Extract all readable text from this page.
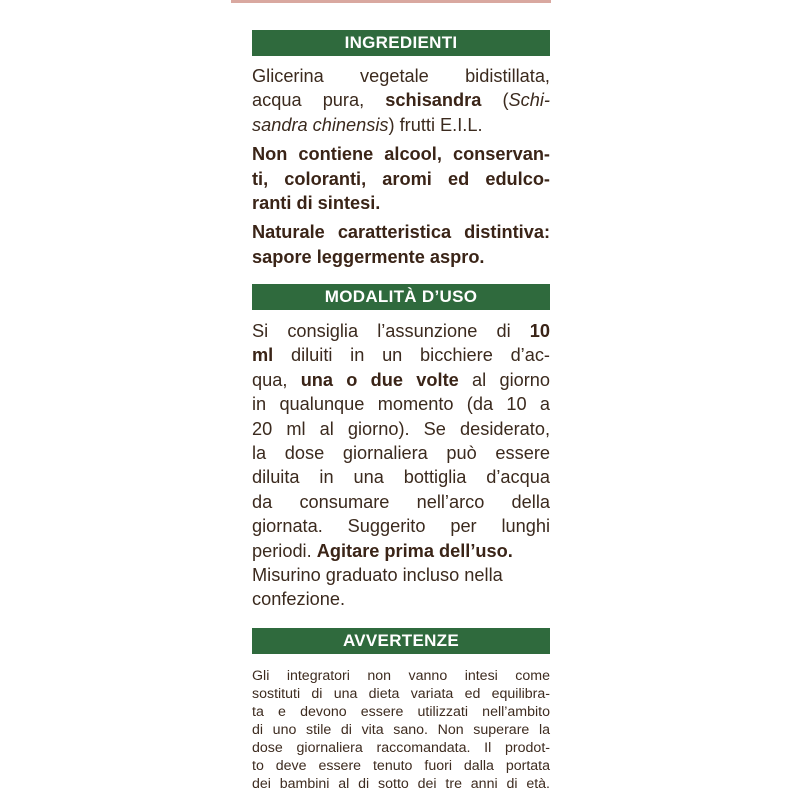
INGREDIENTI

Glicerina vegetale bidistillata,
acqua pura, schisandra (Schi-
sandra chinensis) frutti E.I.L.

Non contiene alcool, conservan-
ti, coloranti, aromi ed edulco-
ranti di sintesi.

Naturale caratteristica distintiva:
sapore leggermente aspro.

MODALITÀ D’USO

Si consiglia l’assunzione di 10
ml diluiti in un bicchiere d’ac-
qua, una o due volte al giorno
in qualunque momento (da 10 a
20 ml al giorno). Se desiderato,
la dose giornaliera può essere
diluita in una bottiglia d’acqua
da consumare nell’arco della
giornata. Suggerito per lunghi
periodi. Agitare prima dell’uso.
Misurino graduato incluso nella
confezione.

AVVERTENZE

Gli integratori non vanno intesi come
sostituti di una dieta variata ed equilibra-
ta e devono essere utilizzati nell’ambito
di uno stile di vita sano. Non superare la
dose giornaliera raccomandata. Il prodot-
to deve essere tenuto fuori dalla portata
dei bambini al di sotto dei tre anni di età.
